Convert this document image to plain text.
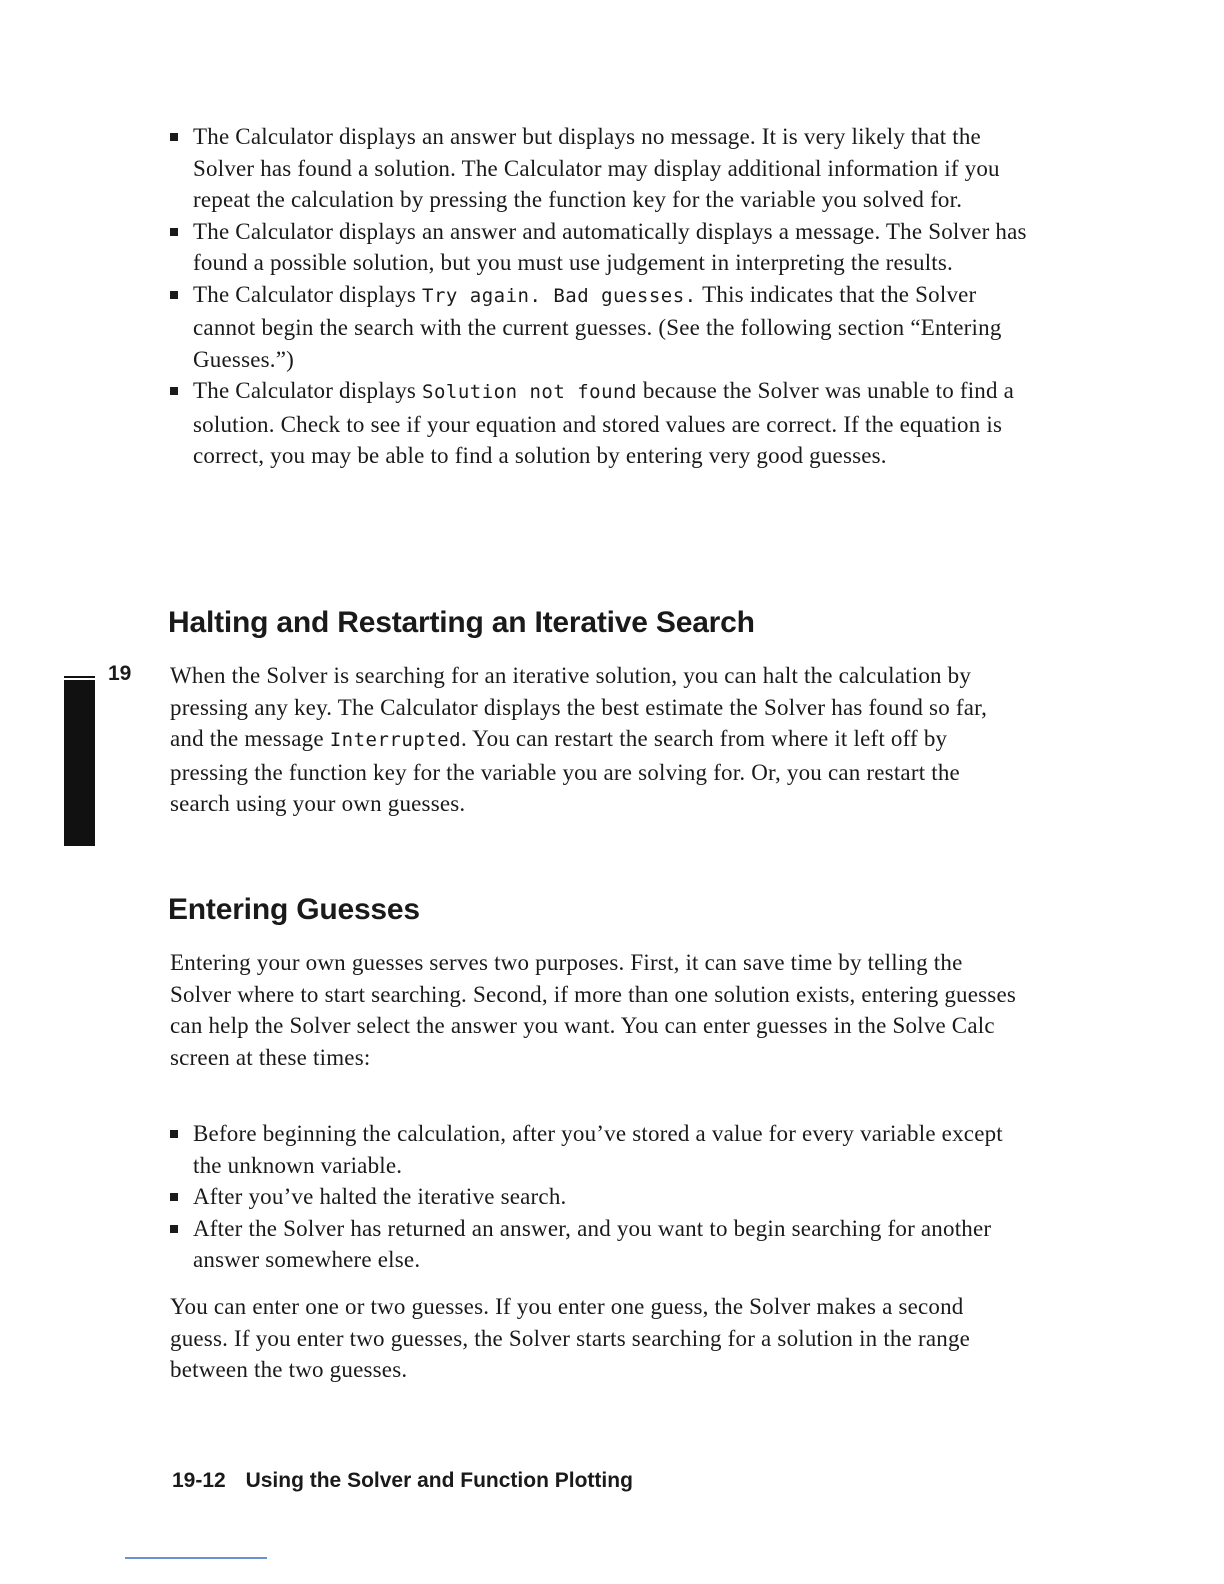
The Calculator displays an answer but displays no message. It is very likely that the Solver has found a solution. The Calculator may display additional information if you repeat the calculation by pressing the function key for the variable you solved for.
The Calculator displays an answer and automatically displays a message. The Solver has found a possible solution, but you must use judgement in interpreting the results.
The Calculator displays Try again. Bad guesses. This indicates that the Solver cannot begin the search with the current guesses. (See the following section “Entering Guesses.”)
The Calculator displays Solution not found because the Solver was unable to find a solution. Check to see if your equation and stored values are correct. If the equation is correct, you may be able to find a solution by entering very good guesses.
Halting and Restarting an Iterative Search
19 When the Solver is searching for an iterative solution, you can halt the calculation by pressing any key. The Calculator displays the best estimate the Solver has found so far, and the message Interrupted. You can restart the search from where it left off by pressing the function key for the variable you are solving for. Or, you can restart the search using your own guesses.

Entering Guesses

Entering your own guesses serves two purposes. First, it can save time by telling the Solver where to start searching. Second, if more than one solution exists, entering guesses can help the Solver select the answer you want. You can enter guesses in the Solve Calc screen at these times:

Before beginning the calculation, after you’ve stored a value for every variable except the unknown variable.
After you’ve halted the iterative search.
After the Solver has returned an answer, and you want to begin searching for another answer somewhere else.

You can enter one or two guesses. If you enter one guess, the Solver makes a second guess. If you enter two guesses, the Solver starts searching for a solution in the range between the two guesses.

19-12 Using the Solver and Function Plotting
